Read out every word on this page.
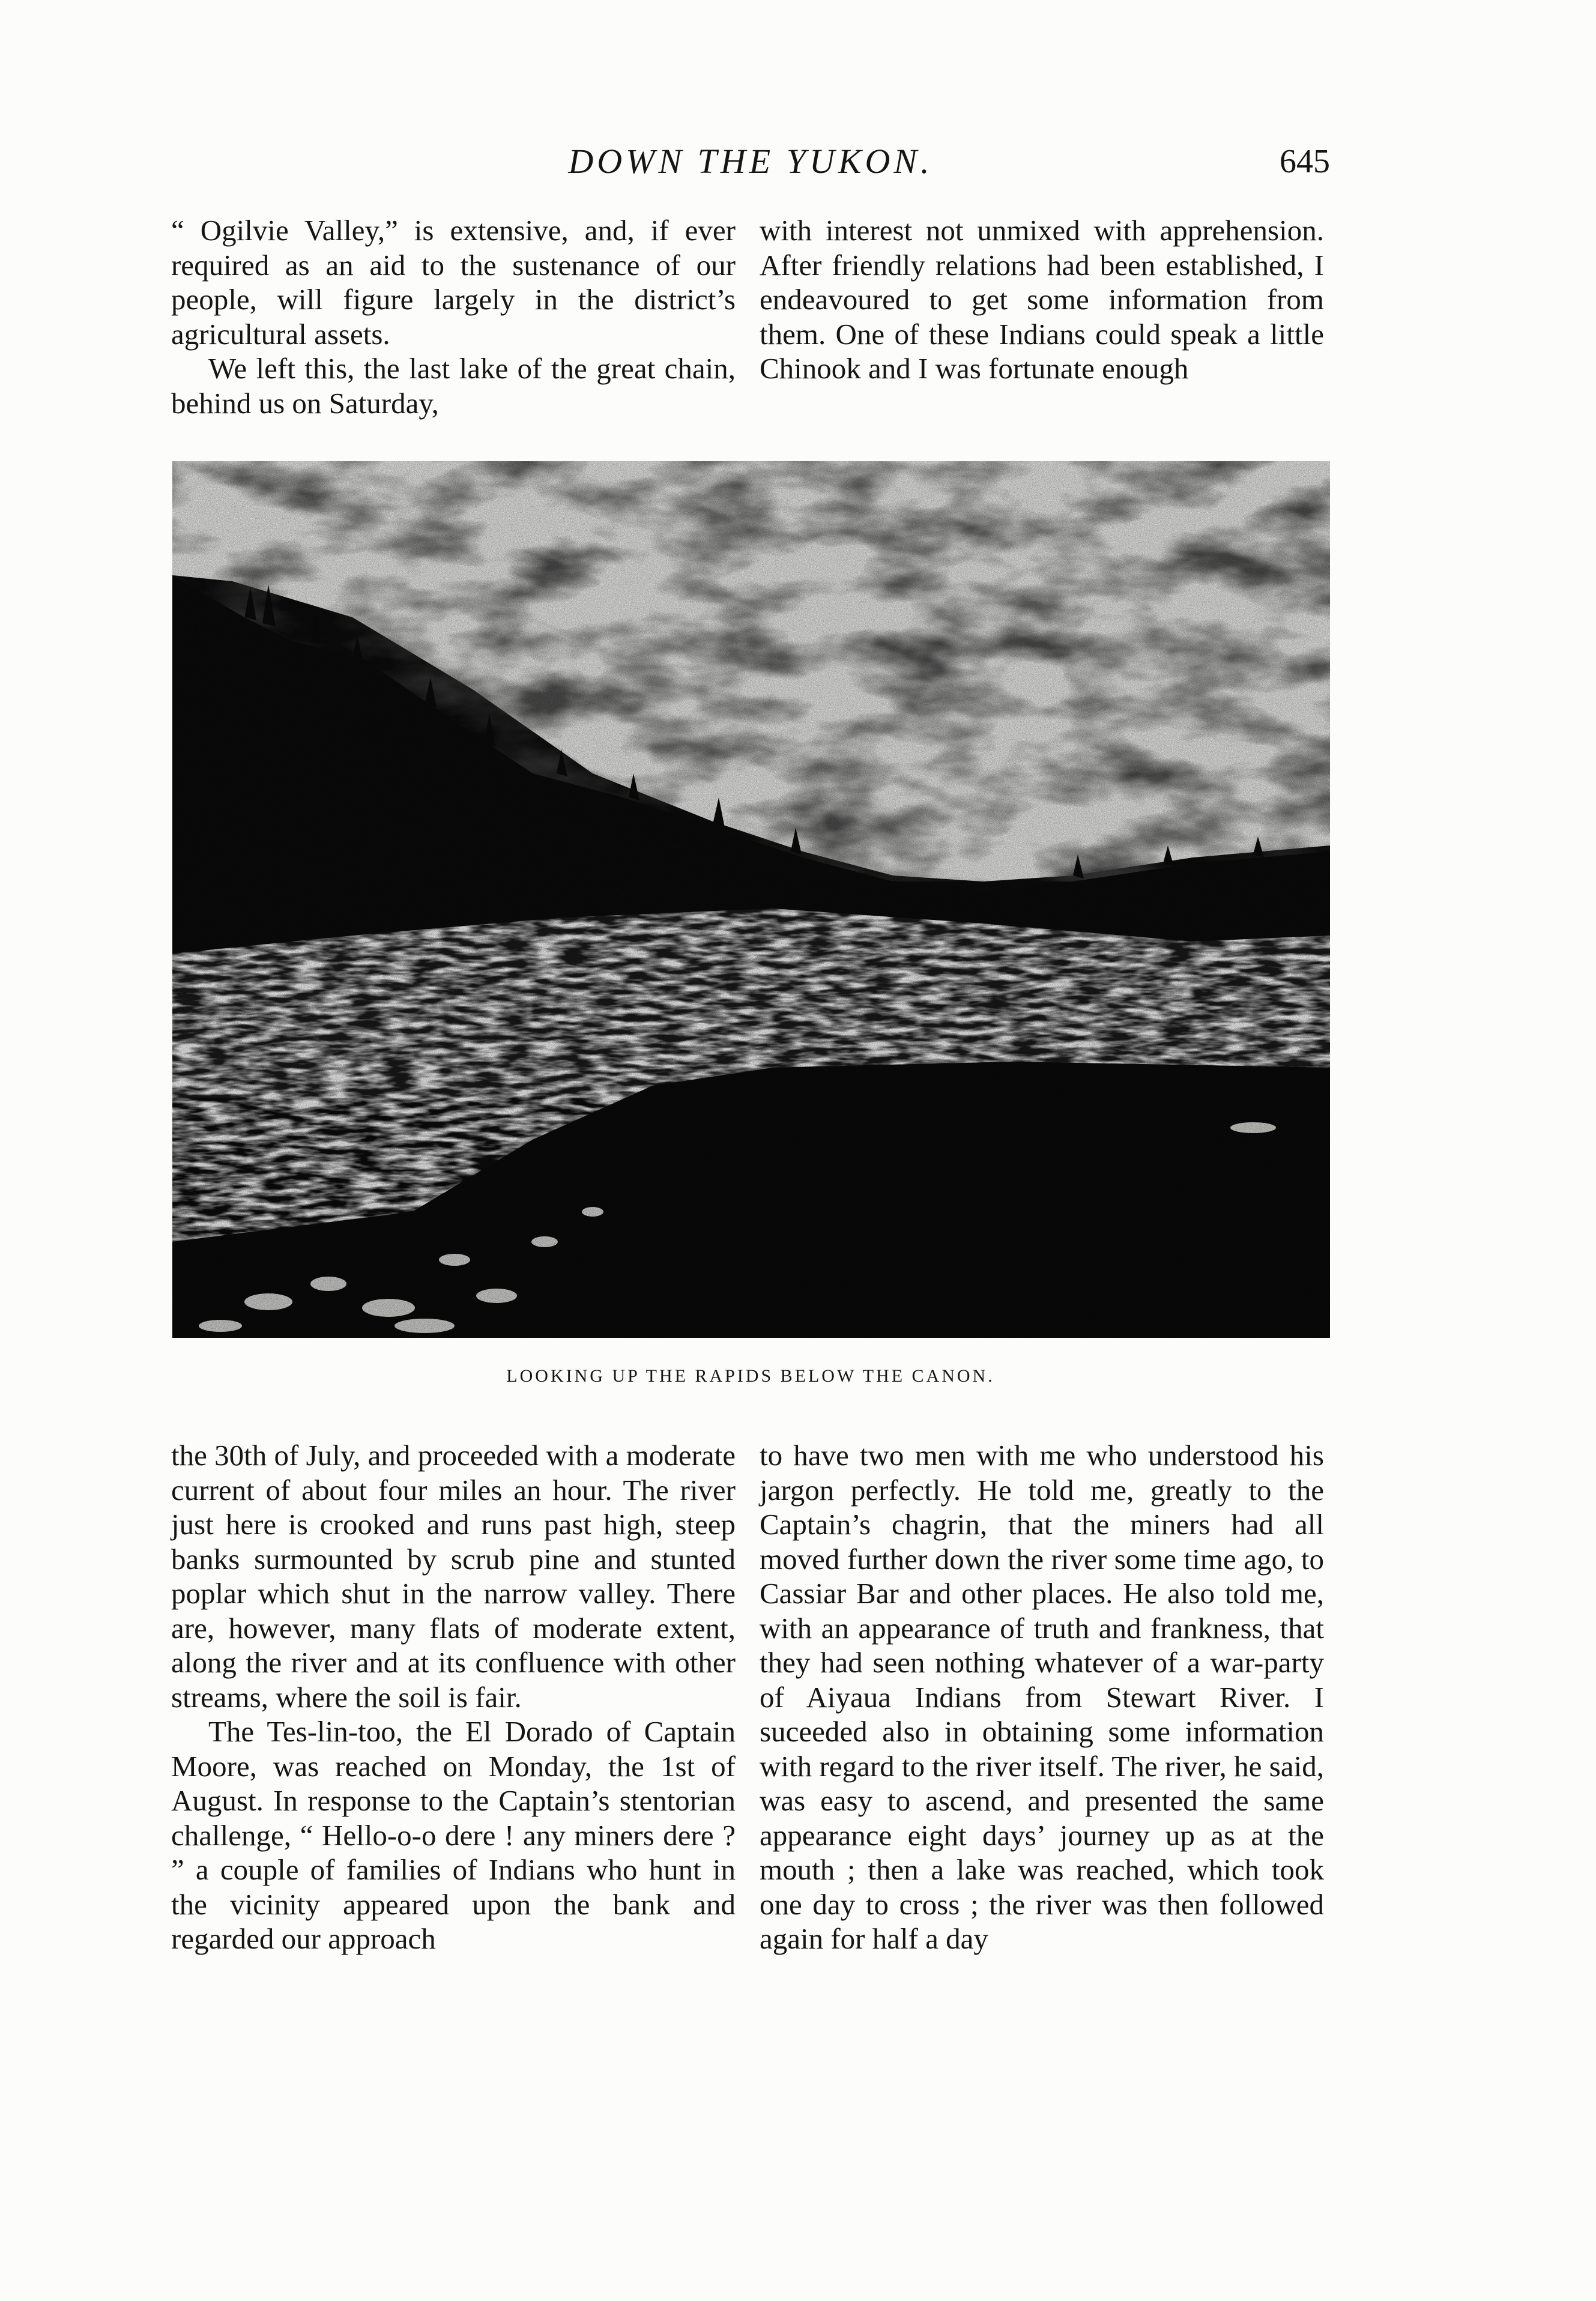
DOWN THE YUKON.	645

“ Ogilvie Valley,” is extensive, and, if ever required as an aid to the sustenance of our people, will figure largely in the district’s agricultural assets.

We left this, the last lake of the great chain, behind us on Saturday,

with interest not unmixed with apprehension. After friendly relations had been established, I endeavoured to get some information from them. One of these Indians could speak a little Chinook and I was fortunate enough

LOOKING UP THE RAPIDS BELOW THE CANON.

the 30th of July, and proceeded with a moderate current of about four miles an hour. The river just here is crooked and runs past high, steep banks surmounted by scrub pine and stunted poplar which shut in the narrow valley. There are, however, many flats of moderate extent, along the river and at its confluence with other streams, where the soil is fair.

The Tes-lin-too, the El Dorado of Captain Moore, was reached on Monday, the 1st of August. In response to the Captain’s stentorian challenge, “ Hello-o-o dere ! any miners dere ? ” a couple of families of Indians who hunt in the vicinity appeared upon the bank and regarded our approach

to have two men with me who understood his jargon perfectly. He told me, greatly to the Captain’s chagrin, that the miners had all moved further down the river some time ago, to Cassiar Bar and other places. He also told me, with an appearance of truth and frankness, that they had seen nothing whatever of a war-party of Aiyaua Indians from Stewart River. I suceeded also in obtaining some information with regard to the river itself. The river, he said, was easy to ascend, and presented the same appearance eight days’ journey up as at the mouth ; then a lake was reached, which took one day to cross ; the river was then followed again for half a day
